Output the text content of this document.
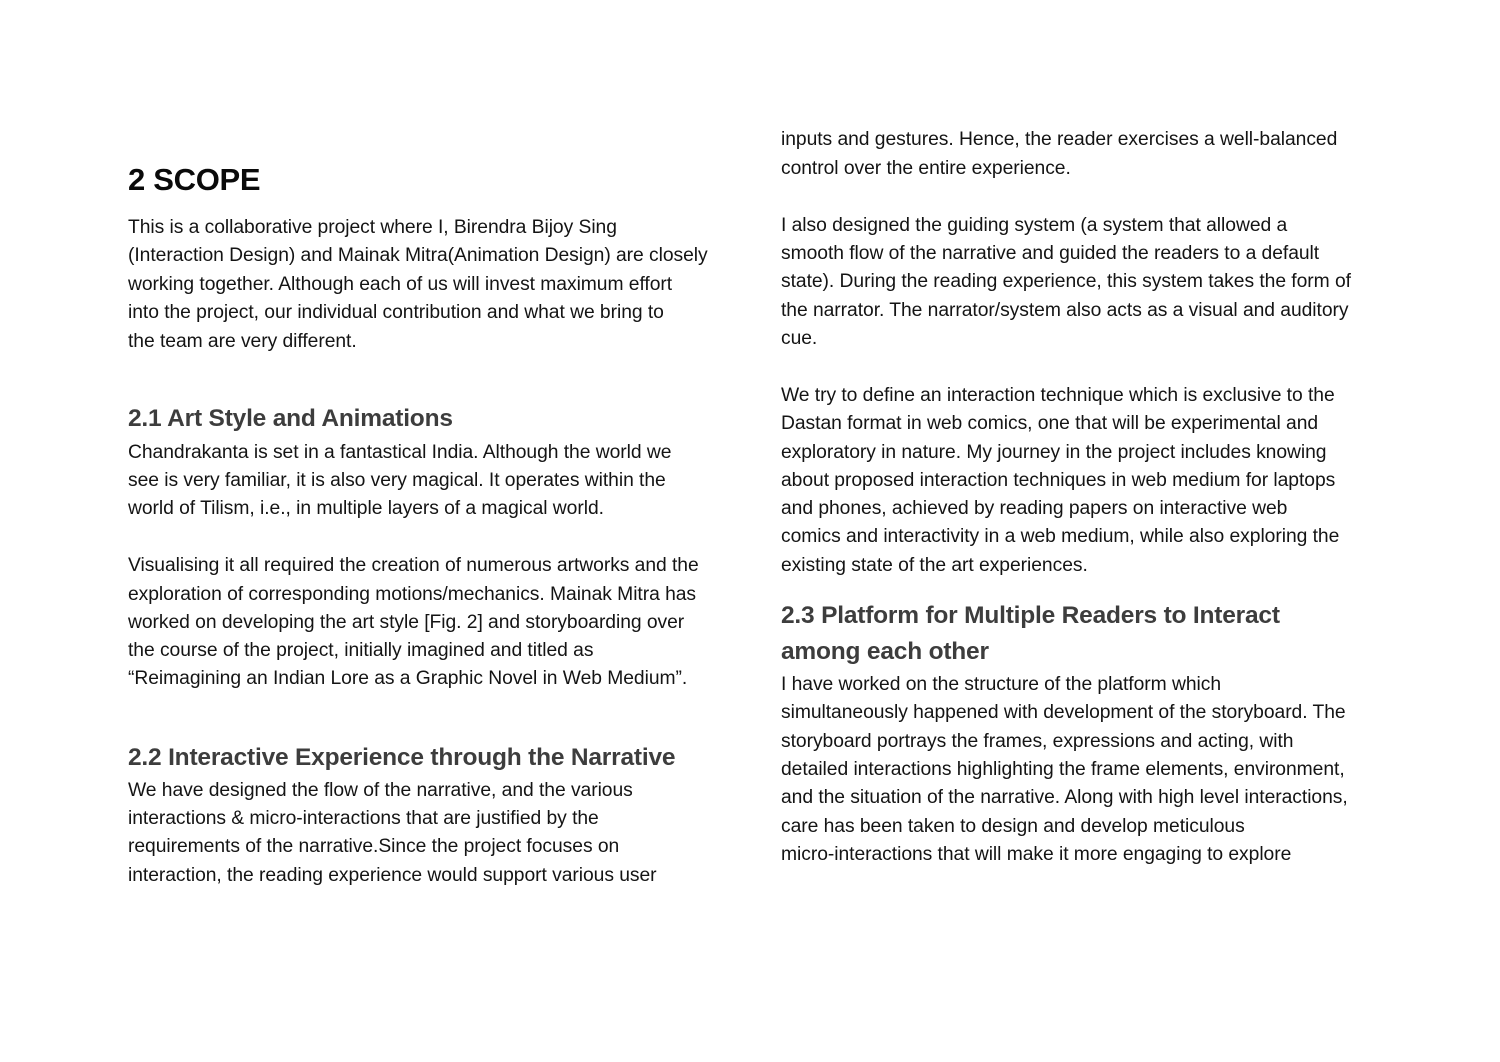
2 SCOPE
This is a collaborative project where I, Birendra Bijoy Sing
(Interaction Design) and Mainak Mitra(Animation Design) are closely
working together. Although each of us will invest maximum effort
into the project, our individual contribution and what we bring to
the team are very different.
2.1 Art Style and Animations
Chandrakanta is set in a fantastical India. Although the world we
see is very familiar, it is also very magical. It operates within the
world of Tilism, i.e., in multiple layers of a magical world.
Visualising it all required the creation of numerous artworks and the
exploration of corresponding motions/mechanics. Mainak Mitra has
worked on developing the art style [Fig. 2] and storyboarding over
the course of the project, initially imagined and titled as
“Reimagining an Indian Lore as a Graphic Novel in Web Medium”.
2.2 Interactive Experience through the Narrative
We have designed the flow of the narrative, and the various
interactions & micro-interactions that are justified by the
requirements of the narrative.Since the project focuses on
interaction, the reading experience would support various user
inputs and gestures. Hence, the reader exercises a well-balanced
control over the entire experience.
I also designed the guiding system (a system that allowed a
smooth flow of the narrative and guided the readers to a default
state). During the reading experience, this system takes the form of
the narrator. The narrator/system also acts as a visual and auditory
cue.
We try to define an interaction technique which is exclusive to the
Dastan format in web comics, one that will be experimental and
exploratory in nature. My journey in the project includes knowing
about proposed interaction techniques in web medium for laptops
and phones, achieved by reading papers on interactive web
comics and interactivity in a web medium, while also exploring the
existing state of the art experiences.
2.3 Platform for Multiple Readers to Interact
among each other
I have worked on the structure of the platform which
simultaneously happened with development of the storyboard. The
storyboard portrays the frames, expressions and acting, with
detailed interactions highlighting the frame elements, environment,
and the situation of the narrative. Along with high level interactions,
care has been taken to design and develop meticulous
micro-interactions that will make it more engaging to explore
